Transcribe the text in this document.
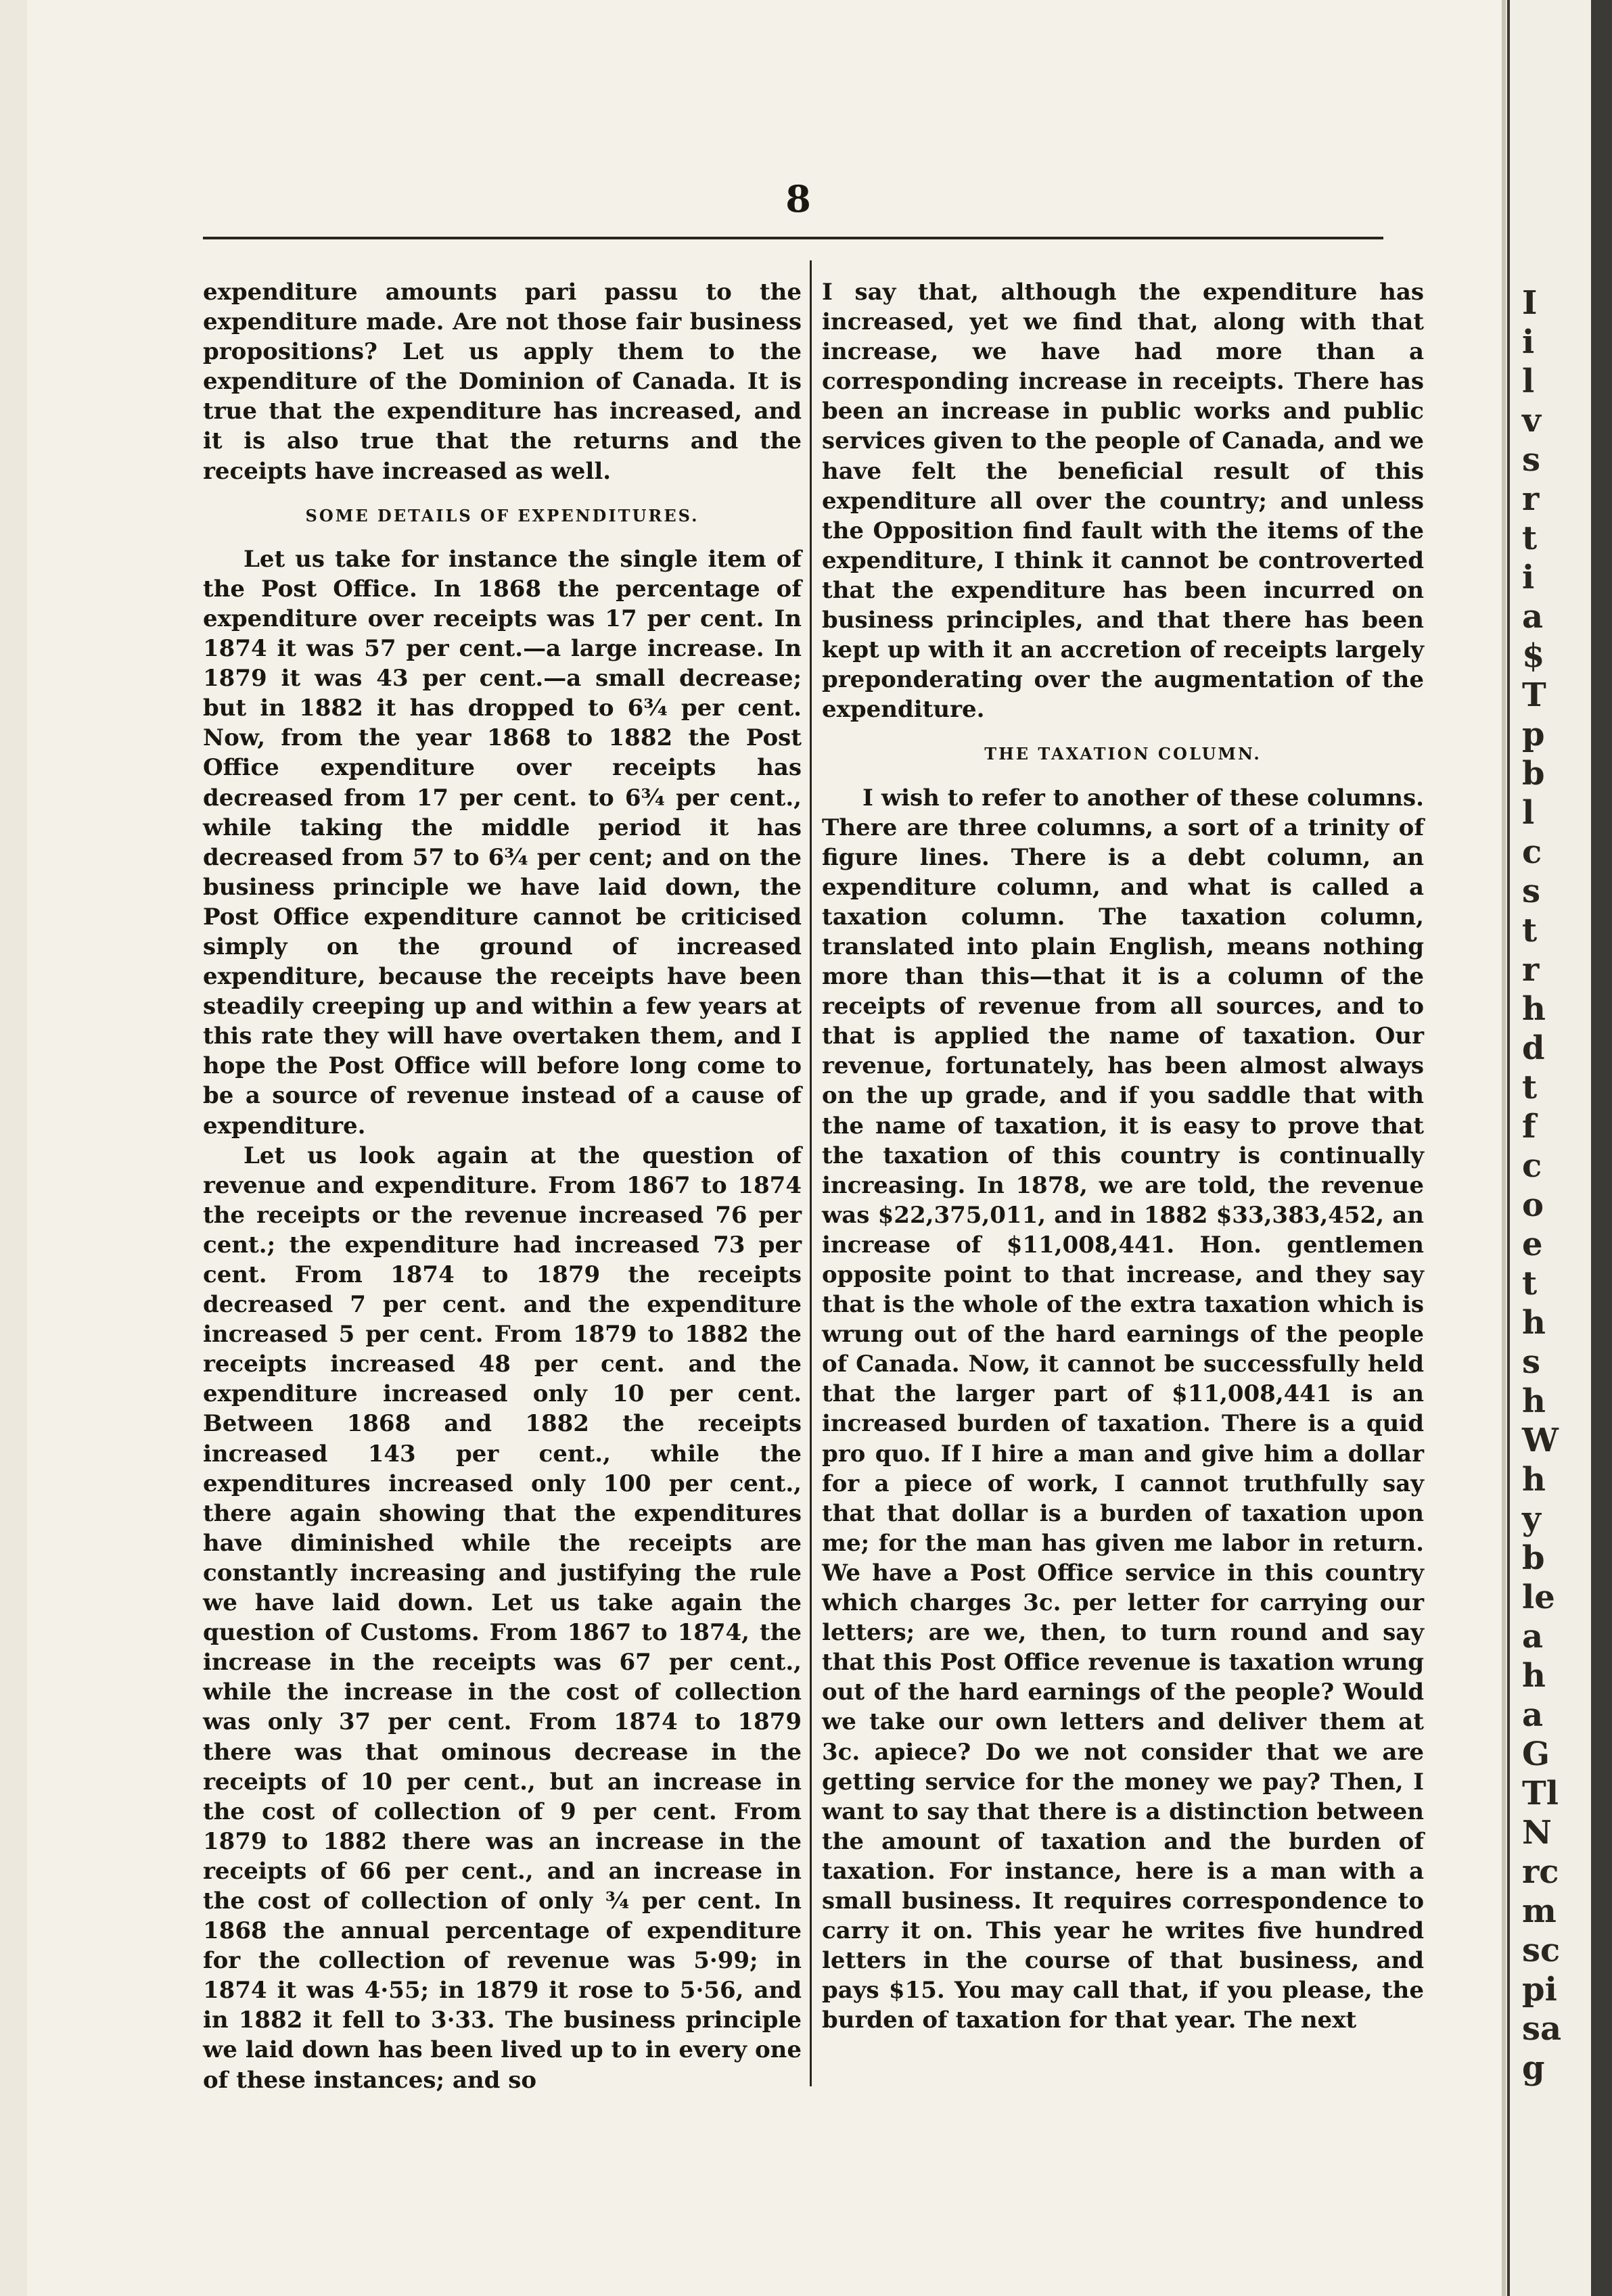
8

expenditure amounts pari passu to the expenditure made. Are not those fair business propositions? Let us apply them to the expenditure of the Dominion of Canada. It is true that the expenditure has increased, and it is also true that the returns and the receipts have increased as well.

SOME DETAILS OF EXPENDITURES.

Let us take for instance the single item of the Post Office. In 1868 the percentage of expenditure over receipts was 17 per cent. In 1874 it was 57 per cent.—a large increase. In 1879 it was 43 per cent.—a small decrease; but in 1882 it has dropped to 6¾ per cent. Now, from the year 1868 to 1882 the Post Office expenditure over receipts has decreased from 17 per cent. to 6¾ per cent., while taking the middle period it has decreased from 57 to 6¾ per cent; and on the business principle we have laid down, the Post Office expenditure cannot be criticised simply on the ground of increased expenditure, because the receipts have been steadily creeping up and within a few years at this rate they will have overtaken them, and I hope the Post Office will before long come to be a source of revenue instead of a cause of expenditure.

Let us look again at the question of revenue and expenditure. From 1867 to 1874 the receipts or the revenue increased 76 per cent.; the expenditure had increased 73 per cent. From 1874 to 1879 the receipts decreased 7 per cent. and the expenditure increased 5 per cent. From 1879 to 1882 the receipts increased 48 per cent. and the expenditure increased only 10 per cent. Between 1868 and 1882 the receipts increased 143 per cent., while the expenditures increased only 100 per cent., there again showing that the expenditures have diminished while the receipts are constantly increasing and justifying the rule we have laid down. Let us take again the question of Customs. From 1867 to 1874, the increase in the receipts was 67 per cent., while the increase in the cost of collection was only 37 per cent. From 1874 to 1879 there was that ominous decrease in the receipts of 10 per cent., but an increase in the cost of collection of 9 per cent. From 1879 to 1882 there was an increase in the receipts of 66 per cent., and an increase in the cost of collection of only ¾ per cent. In 1868 the annual percentage of expenditure for the collection of revenue was 5·99; in 1874 it was 4·55; in 1879 it rose to 5·56, and in 1882 it fell to 3·33. The business principle we laid down has been lived up to in every one of these instances; and so

I say that, although the expenditure has increased, yet we find that, along with that increase, we have had more than a corresponding increase in receipts. There has been an increase in public works and public services given to the people of Canada, and we have felt the beneficial result of this expenditure all over the country; and unless the Opposition find fault with the items of the expenditure, I think it cannot be controverted that the expenditure has been incurred on business principles, and that there has been kept up with it an accretion of receipts largely preponderating over the augmentation of the expenditure.

THE TAXATION COLUMN.

I wish to refer to another of these columns. There are three columns, a sort of a trinity of figure lines. There is a debt column, an expenditure column, and what is called a taxation column. The taxation column, translated into plain English, means nothing more than this—that it is a column of the receipts of revenue from all sources, and to that is applied the name of taxation. Our revenue, fortunately, has been almost always on the up grade, and if you saddle that with the name of taxation, it is easy to prove that the taxation of this country is continually increasing. In 1878, we are told, the revenue was $22,375,011, and in 1882 $33,383,452, an increase of $11,008,441. Hon. gentlemen opposite point to that increase, and they say that is the whole of the extra taxation which is wrung out of the hard earnings of the people of Canada. Now, it cannot be successfully held that the larger part of $11,008,441 is an increased burden of taxation. There is a quid pro quo. If I hire a man and give him a dollar for a piece of work, I cannot truthfully say that that dollar is a burden of taxation upon me; for the man has given me labor in return. We have a Post Office service in this country which charges 3c. per letter for carrying our letters; are we, then, to turn round and say that this Post Office revenue is taxation wrung out of the hard earnings of the people? Would we take our own letters and deliver them at 3c. apiece? Do we not consider that we are getting service for the money we pay? Then, I want to say that there is a distinction between the amount of taxation and the burden of taxation. For instance, here is a man with a small business. It requires correspondence to carry it on. This year he writes five hundred letters in the course of that business, and pays $15. You may call that, if you please, the burden of taxation for that year. The next

I
i
l
v
s
r
t
i
a
$
T
p
b
l
c
s
t
r
h
d
t
f
c
o
e
t
h
s
h
W
h
y
b
le
a
h
a
G
Tl
N
rc
m
sc
pi
sa
g
